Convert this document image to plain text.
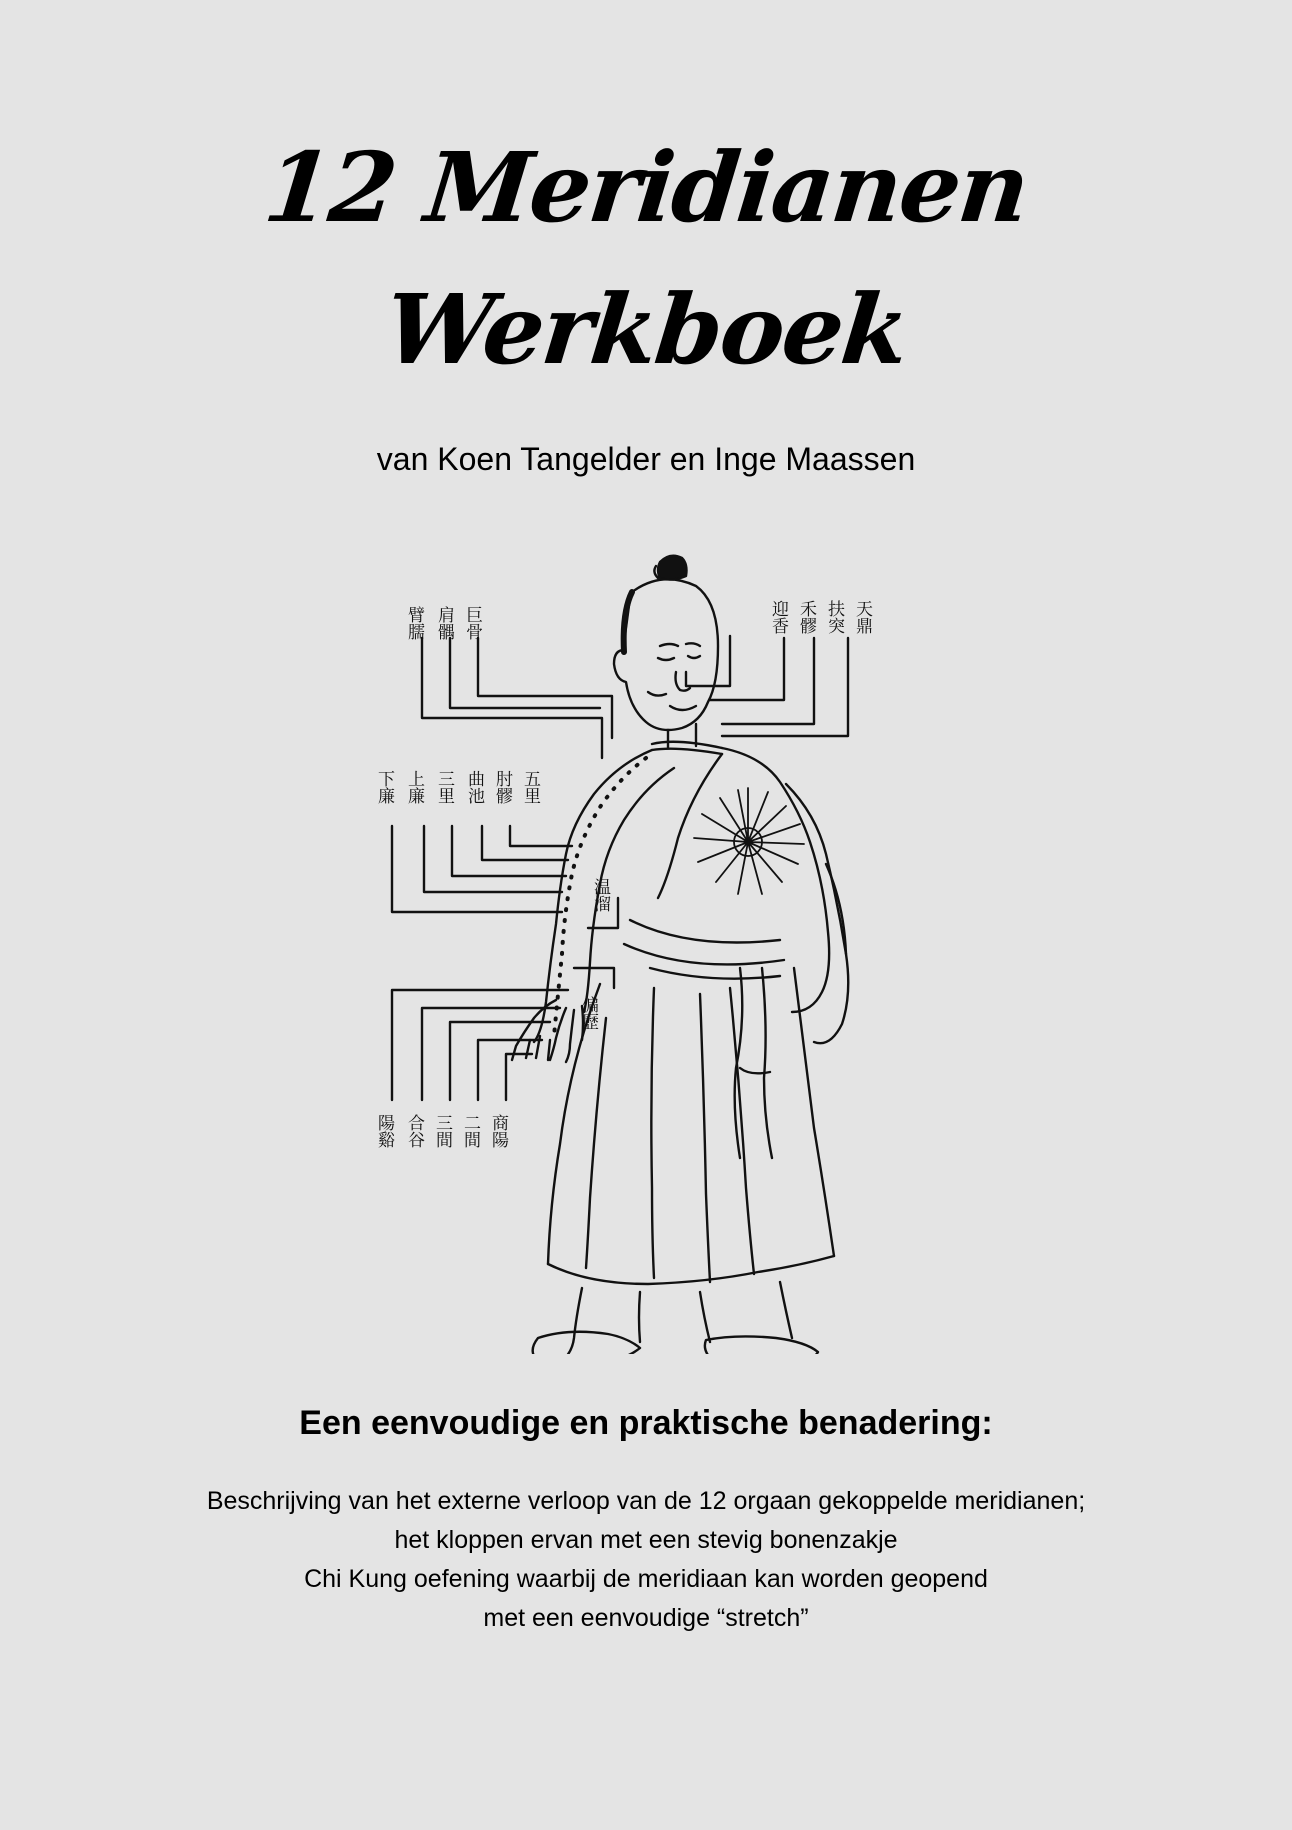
12 Meridianen
Werkboek
van Koen Tangelder en Inge Maassen
臂臑 肩髃 巨骨	迎香 禾髎 扶突 天鼎
下廉 上廉 三里 曲池 肘髎 五里
温溜
偏歷
陽谿 合谷 三間 二間 商陽
Een eenvoudige en praktische benadering:
Beschrijving van het externe verloop van de 12 orgaan gekoppelde meridianen;
het kloppen ervan met een stevig bonenzakje
Chi Kung oefening waarbij de meridiaan kan worden geopend
met een eenvoudige “stretch”
